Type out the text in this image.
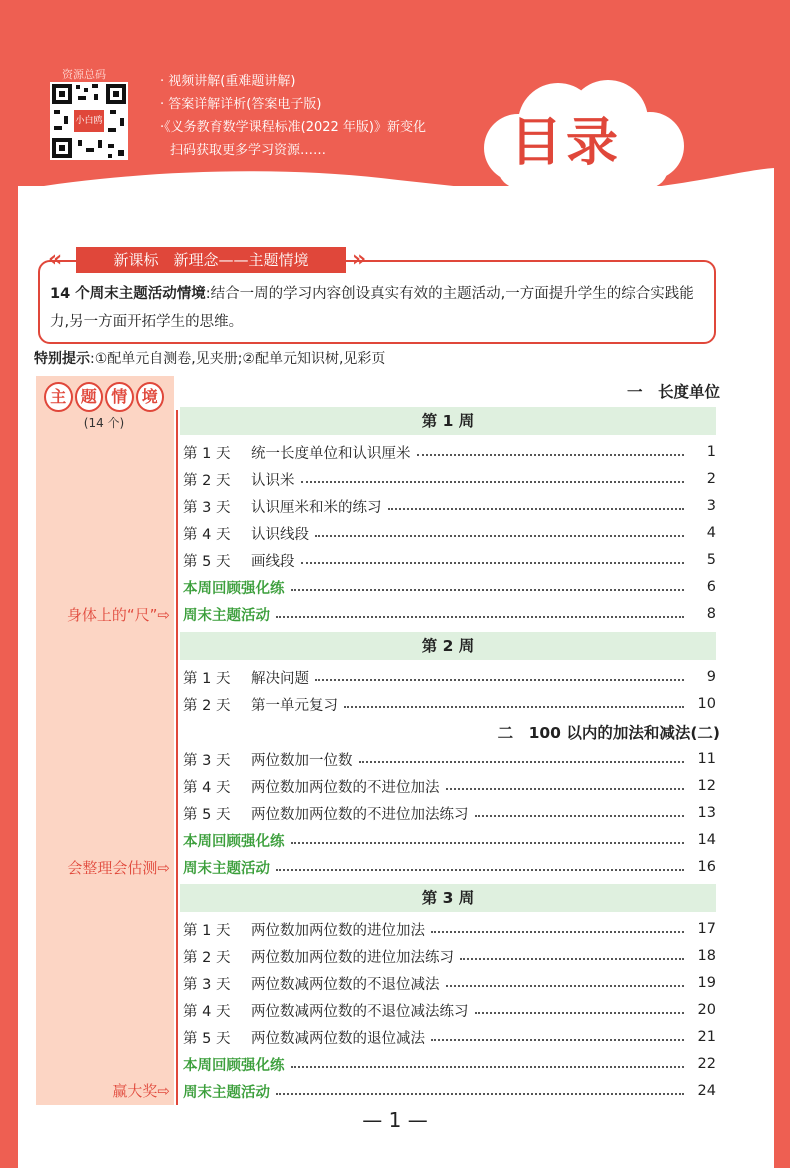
资源总码
小白鸥
· 视频讲解(重难题讲解)
· 答案详解详析(答案电子版)
·《义务教育数学课程标准(2022 年版)》新变化
扫码获取更多学习资源……	目录
«	新课标　新理念——主题情境	»
14 个周末主题活动情境:结合一周的学习内容创设真实有效的主题活动,一方面提升学生的综合实践能力,另一方面开拓学生的思维。
特别提示:①配单元自测卷,见夹册;②配单元知识树,见彩页
主 题 情 境
(14 个)
身体上的“尺”⇨
会整理会估测⇨
赢大奖⇨
一　长度单位
二　100 以内的加法和减法(二)
第 1 周
第 1 天	统一长度单位和认识厘米	1
第 2 天	认识米	2
第 3 天	认识厘米和米的练习	3
第 4 天	认识线段	4
第 5 天	画线段	5
本周回顾强化练	6
周末主题活动	8
第 2 周
第 1 天	解决问题	9
第 2 天	第一单元复习	10
第 3 天	两位数加一位数	11
第 4 天	两位数加两位数的不进位加法	12
第 5 天	两位数加两位数的不进位加法练习	13
本周回顾强化练	14
周末主题活动	16
第 3 周
第 1 天	两位数加两位数的进位加法	17
第 2 天	两位数加两位数的进位加法练习	18
第 3 天	两位数减两位数的不退位减法	19
第 4 天	两位数减两位数的不退位减法练习	20
第 5 天	两位数减两位数的退位减法	21
本周回顾强化练	22
周末主题活动	24
— 1 —
